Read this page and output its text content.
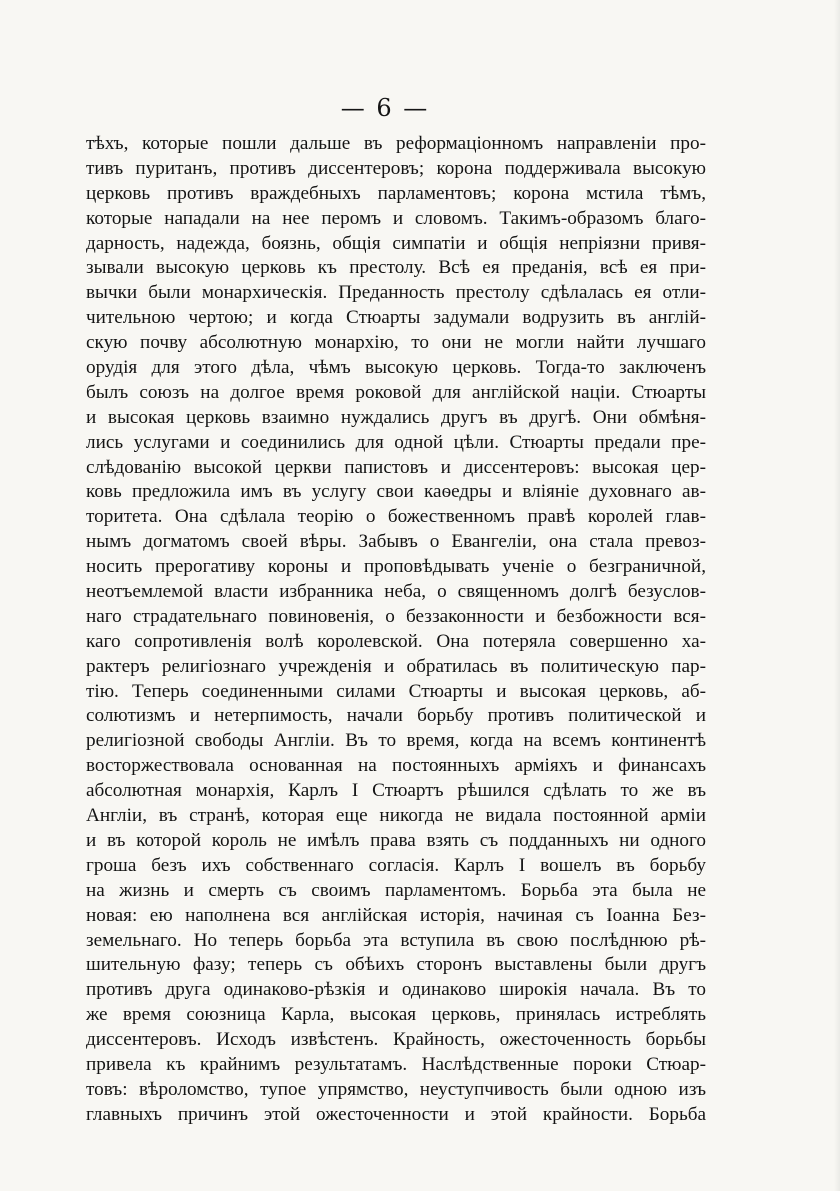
— 6 —
тѣхъ, которые пошли дальше въ реформаціонномъ направленіи про-
тивъ пуританъ, противъ диссентеровъ; корона поддерживала высокую
церковь противъ враждебныхъ парламентовъ; корона мстила тѣмъ,
которые нападали на нее перомъ и словомъ. Такимъ-образомъ благо-
дарность, надежда, боязнь, общія симпатіи и общія непріязни привя-
зывали высокую церковь къ престолу. Всѣ ея преданія, всѣ ея при-
вычки были монархическія. Преданность престолу сдѣлалась ея отли-
чительною чертою; и когда Стюарты задумали водрузить въ англій-
скую почву абсолютную монархію, то они не могли найти лучшаго
орудія для этого дѣла, чѣмъ высокую церковь. Тогда-то заключенъ
былъ союзъ на долгое время роковой для англійской націи. Стюарты
и высокая церковь взаимно нуждались другъ въ другѣ. Они обмѣня-
лись услугами и соединились для одной цѣли. Стюарты предали пре-
слѣдованію высокой церкви папистовъ и диссентеровъ: высокая цер-
ковь предложила имъ въ услугу свои каѳедры и вліяніе духовнаго ав-
торитета. Она сдѣлала теорію о божественномъ правѣ королей глав-
нымъ догматомъ своей вѣры. Забывъ о Евангеліи, она стала превоз-
носить прерогативу короны и проповѣдывать ученіе о безграничной,
неотъемлемой власти избранника неба, о священномъ долгѣ безуслов-
наго страдательнаго повиновенія, о беззаконности и безбожности вся-
каго сопротивленія волѣ королевской. Она потеряла совершенно ха-
рактеръ религіознаго учрежденія и обратилась въ политическую пар-
тію. Теперь соединенными силами Стюарты и высокая церковь, аб-
солютизмъ и нетерпимость, начали борьбу противъ политической и
религіозной свободы Англіи. Въ то время, когда на всемъ континентѣ
восторжествовала основанная на постоянныхъ арміяхъ и финансахъ
абсолютная монархія, Карлъ I Стюартъ рѣшился сдѣлать то же въ
Англіи, въ странѣ, которая еще никогда не видала постоянной арміи
и въ которой король не имѣлъ права взять съ подданныхъ ни одного
гроша безъ ихъ собственнаго согласія. Карлъ I вошелъ въ борьбу
на жизнь и смерть съ своимъ парламентомъ. Борьба эта была не
новая: ею наполнена вся англійская исторія, начиная съ Іоанна Без-
земельнаго. Но теперь борьба эта вступила въ свою послѣднюю рѣ-
шительную фазу; теперь съ обѣихъ сторонъ выставлены были другъ
противъ друга одинаково-рѣзкія и одинаково широкія начала. Въ то
же время союзница Карла, высокая церковь, принялась истреблять
диссентеровъ. Исходъ извѣстенъ. Крайность, ожесточенность борьбы
привела къ крайнимъ результатамъ. Наслѣдственные пороки Стюар-
товъ: вѣроломство, тупое упрямство, неуступчивость были одною изъ
главныхъ причинъ этой ожесточенности и этой крайности. Борьба
